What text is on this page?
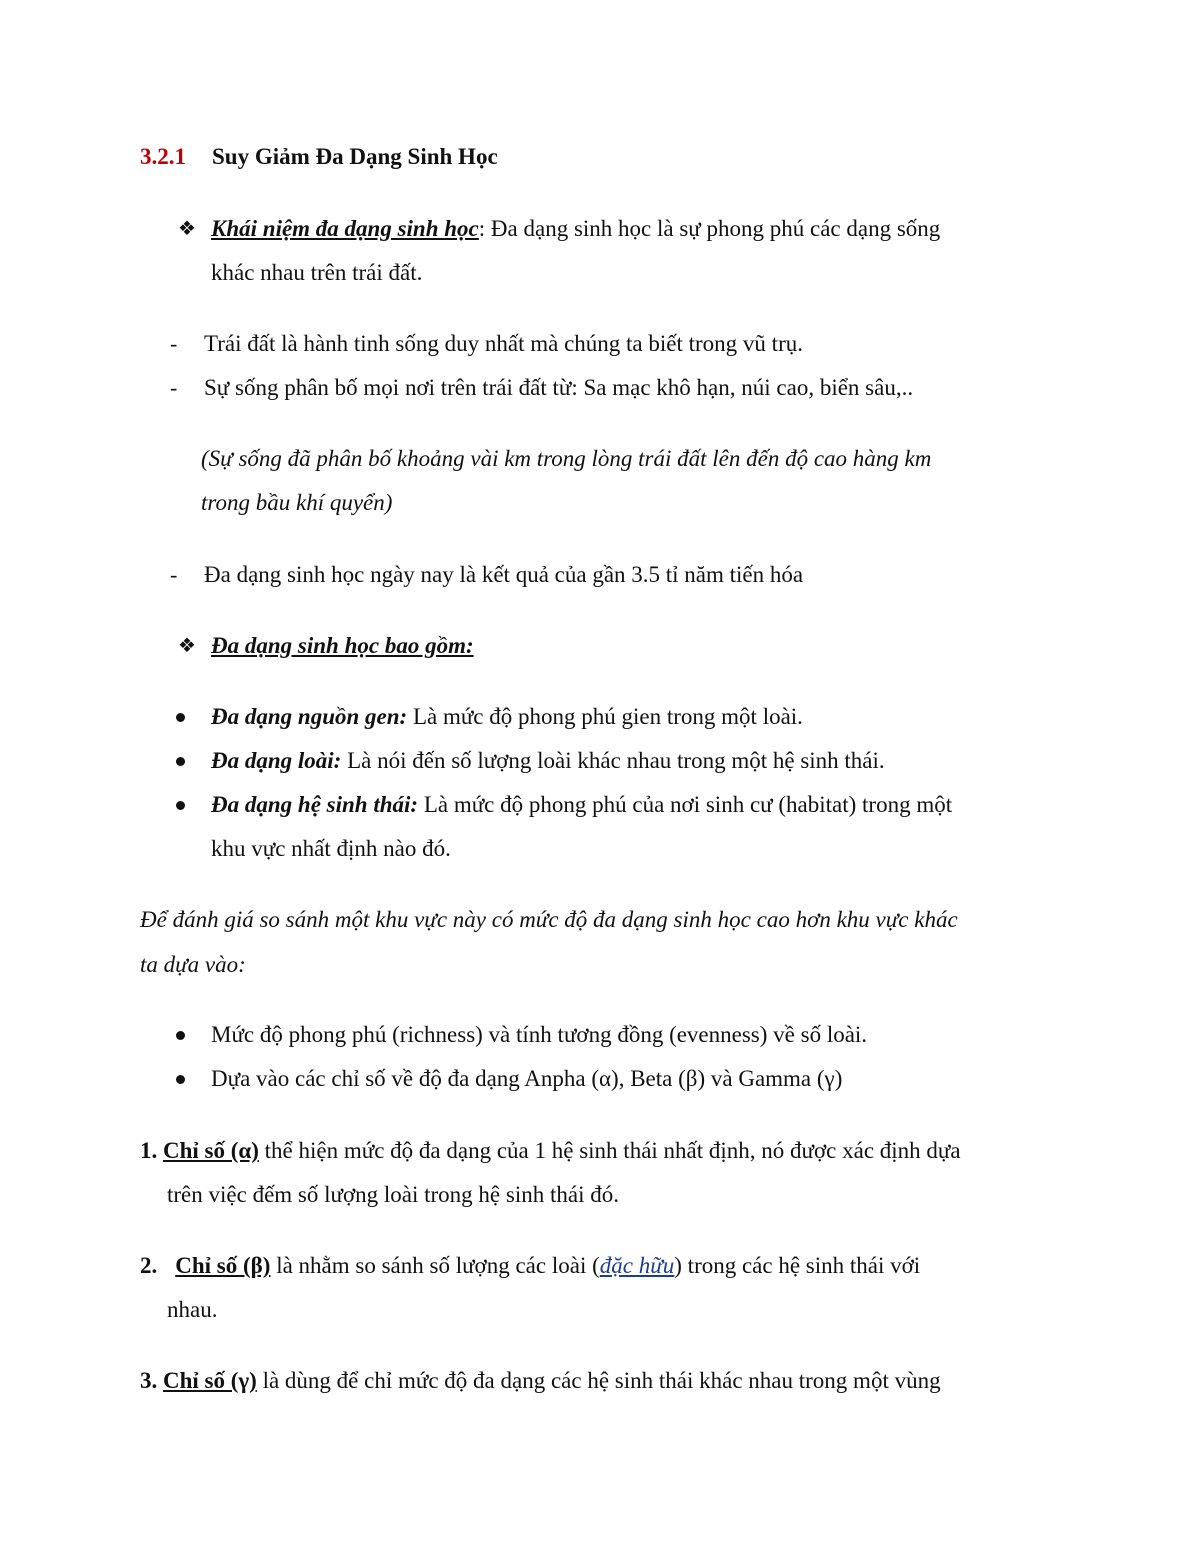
3.2.1 Suy Giảm Đa Dạng Sinh Học
❖ Khái niệm đa dạng sinh học: Đa dạng sinh học là sự phong phú các dạng sống
khác nhau trên trái đất.
- Trái đất là hành tinh sống duy nhất mà chúng ta biết trong vũ trụ.
- Sự sống phân bố mọi nơi trên trái đất từ: Sa mạc khô hạn, núi cao, biển sâu,..
(Sự sống đã phân bố khoảng vài km trong lòng trái đất lên đến độ cao hàng km
trong bầu khí quyển)
- Đa dạng sinh học ngày nay là kết quả của gần 3.5 tỉ năm tiến hóa
❖ Đa dạng sinh học bao gồm:
Đa dạng nguồn gen: Là mức độ phong phú gien trong một loài.
Đa dạng loài: Là nói đến số lượng loài khác nhau trong một hệ sinh thái.
Đa dạng hệ sinh thái: Là mức độ phong phú của nơi sinh cư (habitat) trong một
khu vực nhất định nào đó.
Để đánh giá so sánh một khu vực này có mức độ đa dạng sinh học cao hơn khu vực khác
ta dựa vào:
Mức độ phong phú (richness) và tính tương đồng (evenness) về số loài.
Dựa vào các chỉ số về độ đa dạng Anpha (α), Beta (β) và Gamma (γ)
1. Chỉ số (α) thể hiện mức độ đa dạng của 1 hệ sinh thái nhất định, nó được xác định dựa
trên việc đếm số lượng loài trong hệ sinh thái đó.
2. Chỉ số (β) là nhằm so sánh số lượng các loài (đặc hữu) trong các hệ sinh thái với
nhau.
3. Chỉ số (γ) là dùng để chỉ mức độ đa dạng các hệ sinh thái khác nhau trong một vùng
